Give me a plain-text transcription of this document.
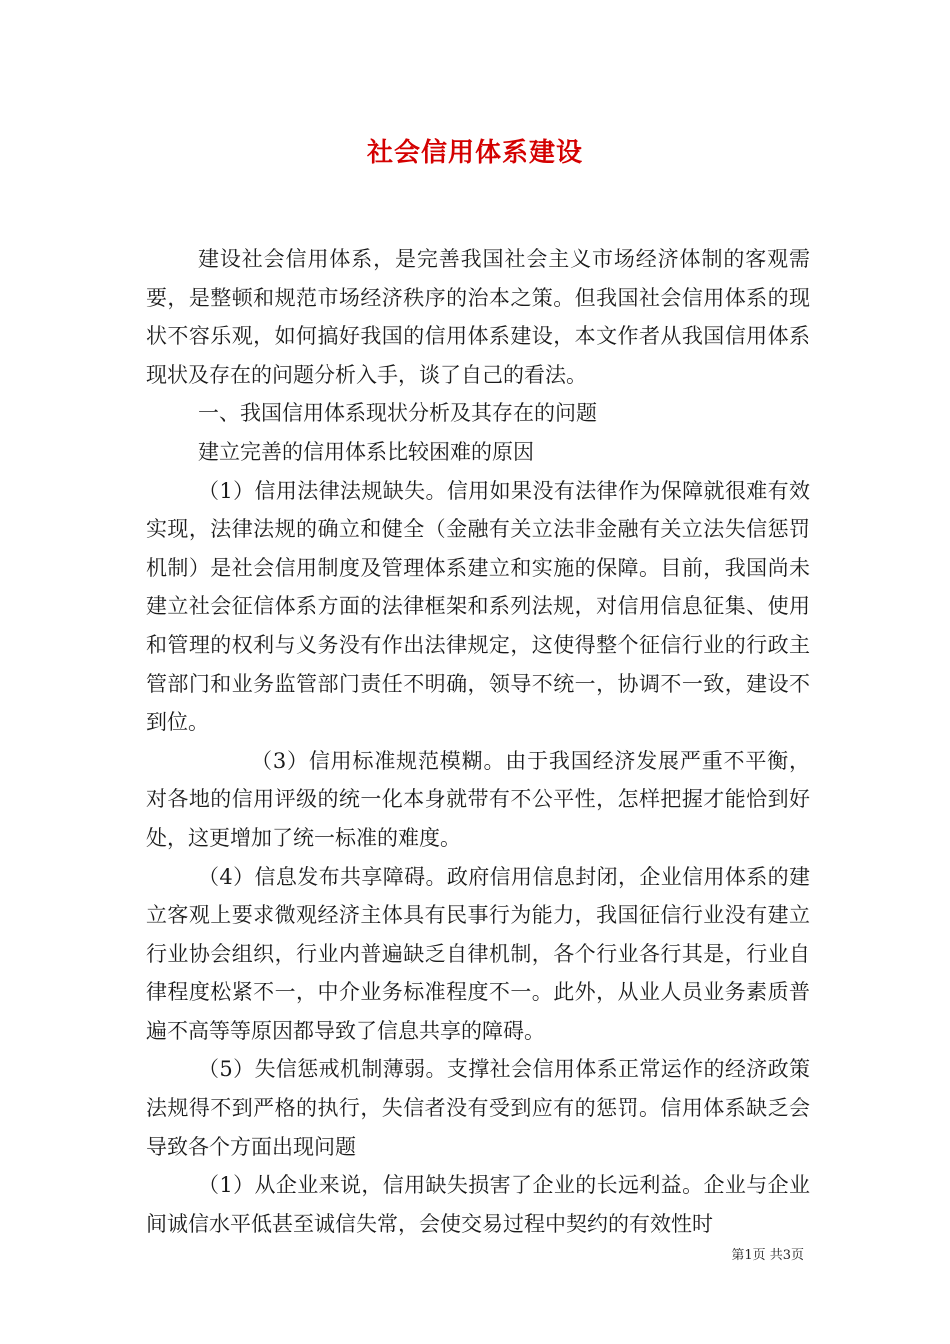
社会信用体系建设

建设社会信用体系，是完善我国社会主义市场经济体制的客观需要，是整顿和规范市场经济秩序的治本之策。但我国社会信用体系的现状不容乐观，如何搞好我国的信用体系建设，本文作者从我国信用体系现状及存在的问题分析入手，谈了自己的看法。

一、我国信用体系现状分析及其存在的问题

建立完善的信用体系比较困难的原因

（1）信用法律法规缺失。信用如果没有法律作为保障就很难有效实现，法律法规的确立和健全（金融有关立法非金融有关立法失信惩罚机制）是社会信用制度及管理体系建立和实施的保障。目前，我国尚未建立社会征信体系方面的法律框架和系列法规，对信用信息征集、使用和管理的权利与义务没有作出法律规定，这使得整个征信行业的行政主管部门和业务监管部门责任不明确，领导不统一，协调不一致，建设不到位。

（3）信用标准规范模糊。由于我国经济发展严重不平衡，对各地的信用评级的统一化本身就带有不公平性，怎样把握才能恰到好处，这更增加了统一标准的难度。

（4）信息发布共享障碍。政府信用信息封闭，企业信用体系的建立客观上要求微观经济主体具有民事行为能力，我国征信行业没有建立行业协会组织，行业内普遍缺乏自律机制，各个行业各行其是，行业自律程度松紧不一，中介业务标准程度不一。此外，从业人员业务素质普遍不高等等原因都导致了信息共享的障碍。

（5）失信惩戒机制薄弱。支撑社会信用体系正常运作的经济政策法规得不到严格的执行，失信者没有受到应有的惩罚。信用体系缺乏会导致各个方面出现问题

（1）从企业来说，信用缺失损害了企业的长远利益。企业与企业间诚信水平低甚至诚信失常，会使交易过程中契约的有效性时

第1页 共3页
